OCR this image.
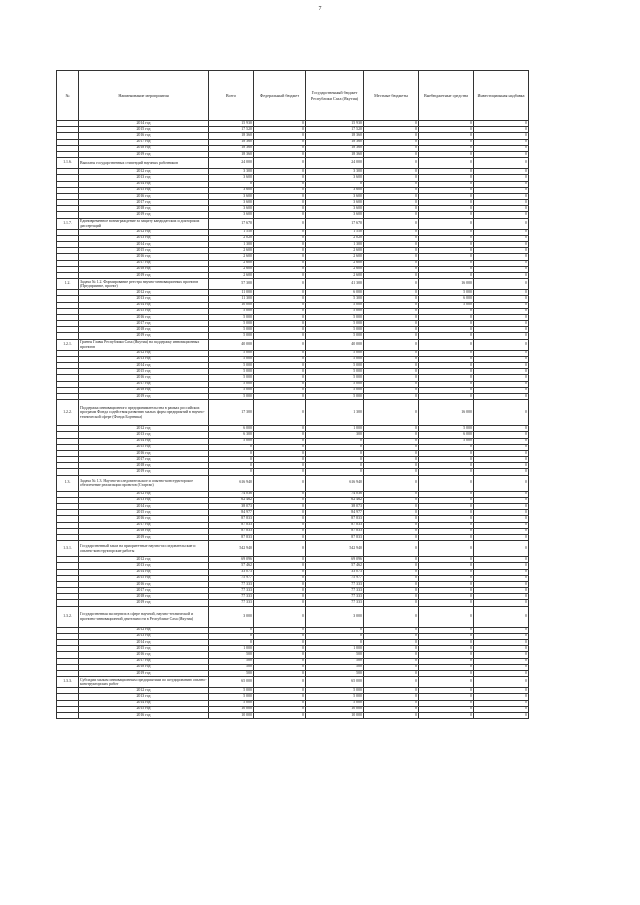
7
№	Наименование мероприятия	Всего	Федеральный бюджет	Государственный бюджет Республики Саха (Якутия)	Местные бюджеты	Внебюджетные средства	Инвестиционная надбавка
	2014 год	15 930	0	15 930	0	0	0
	2015 год	17 520	0	17 520	0	0	0
	2016 год	18 360	0	18 360	0	0	0
	2017 год	18 360	0	18 360	0	0	0
	2018 год	18 360	0	18 360	0	0	0
	2019 год	18 360	0	18 360	0	0	0
1.1.6.	Выплаты государственных стипендий научных работников	24 000	0	24 000	0	0	0
	2012 год	3 300	0	3 300	0	0	0
	2013 год	3 600	0	3 600	0	0	0
	2014 год	0	0	0	0	0	0
	2015 год	3 600	0	3 600	0	0	0
	2016 год	3 600	0	3 600	0	0	0
	2017 год	3 600	0	3 600	0	0	0
	2018 год	3 600	0	3 600	0	0	0
	2019 год	3 600	0	3 600	0	0	0
1.1.7.	Единовременное вознаграждение за защиту кандидатских и докторских диссертаций	17 670	0	17 670	0	0	0
	2012 год	1 550	0	1 550	0	0	0
	2013 год	2 020	0	2 020	0	0	0
	2014 год	1 300	0	1 300	0	0	0
	2015 год	2 600	0	2 600	0	0	0
	2016 год	2 600	0	2 600	0	0	0
	2017 год	2 600	0	2 600	0	0	0
	2018 год	2 600	0	2 600	0	0	0
	2019 год	2 600	0	2 600	0	0	0
1.2.	Задача № 1.2. Формирование реестра научно-инновационных проектов (Предприятие, проект)	57 300	0	41 300	0	16 000	0
	2012 год	11 000	0	6 000	0	5 000	0
	2013 год	11 300	0	5 300	0	6 000	0
	2014 год	10 000	0	5 000	0	5 000	0
	2015 год	5 000	0	5 000	0	0	0
	2016 год	5 000	0	5 000	0	0	0
	2017 год	5 000	0	5 000	0	0	0
	2018 год	5 000	0	5 000	0	0	0
	2019 год	5 000	0	5 000	0	0	0
1.2.1.	Гранты Главы Республики Саха (Якутия) на поддержку инновационных проектов	40 000	0	40 000	0	0	0
	2012 год	5 000	0	5 000	0	0	0
	2013 год	5 000	0	5 000	0	0	0
	2014 год	5 000	0	5 000	0	0	0
	2015 год	5 000	0	5 000	0	0	0
	2016 год	5 000	0	5 000	0	0	0
	2017 год	5 000	0	5 000	0	0	0
	2018 год	5 000	0	5 000	0	0	0
	2019 год	5 000	0	5 000	0	0	0
1.2.2.	Поддержка инновационного предпринимательства в рамках российских программ Фонда содействия развитию малых форм предприятий в научно-технической сфере (Фонда Бортника)	17 300	0	1 300	0	16 000	0
	2012 год	6 000	0	1 000	0	5 000	0
	2013 год	6 300	0	300	0	6 000	0
	2014 год	5 000	0	0	0	5 000	0
	2015 год	0	0	0	0	0	0
	2016 год	0	0	0	0	0	0
	2017 год	0	0	0	0	0	0
	2018 год	0	0	0	0	0	0
	2019 год	0	0	0	0	0	0
1.3.	Задача № 1.3. Научно-исследовательское и опытно-конструкторское обеспечение реализации проектов (Стартап)	616 940	0	616 940	0	0	0
	2012 год	74 036	0	74 036	0	0	0
	2013 год	62 462	0	62 462	0	0	0
	2014 год	38 073	0	38 073	0	0	0
	2015 год	84 977	0	84 977	0	0	0
	2016 год	87 833	0	87 833	0	0	0
	2017 год	87 833	0	87 833	0	0	0
	2018 год	87 833	0	87 833	0	0	0
	2019 год	87 833	0	87 833	0	0	0
1.3.1.	Государственный заказ на приоритетные научно-исследовательские и опытно-конструкторские работы	542 940	0	542 940	0	0	0
	2012 год	69 096	0	69 096	0	0	0
	2013 год	57 462	0	57 462	0	0	0
	2014 год	33 073	0	33 073	0	0	0
	2015 год	75 977	0	75 977	0	0	0
	2016 год	77 333	0	77 333	0	0	0
	2017 год	77 333	0	77 333	0	0	0
	2018 год	77 333	0	77 333	0	0	0
	2019 год	77 333	0	77 333	0	0	0
1.3.2.	Государственная экспертиза в сфере научной, научно-технической и проектно-инновационной деятельности в Республике Саха (Якутия)	3 000	0	3 000	0	0	0
	2012 год	0	0	0	0	0	0
	2013 год	0	0	0	0	0	0
	2014 год	0	0	0	0	0	0
	2015 год	1 000	0	1 000	0	0	0
	2016 год	500	0	500	0	0	0
	2017 год	500	0	500	0	0	0
	2018 год	500	0	500	0	0	0
	2019 год	500	0	500	0	0	0
1.3.3.	Субсидии малым инновационным предприятиям по штудированию опытно-конструкторских работ	65 000	0	65 000	0	0	0
	2012 год	5 000	0	5 000	0	0	0
	2013 год	5 000	0	5 000	0	0	0
	2014 год	5 000	0	5 000	0	0	0
	2015 год	10 000	0	10 000	0	0	0
	2016 год	10 000	0	10 000	0	0	0
